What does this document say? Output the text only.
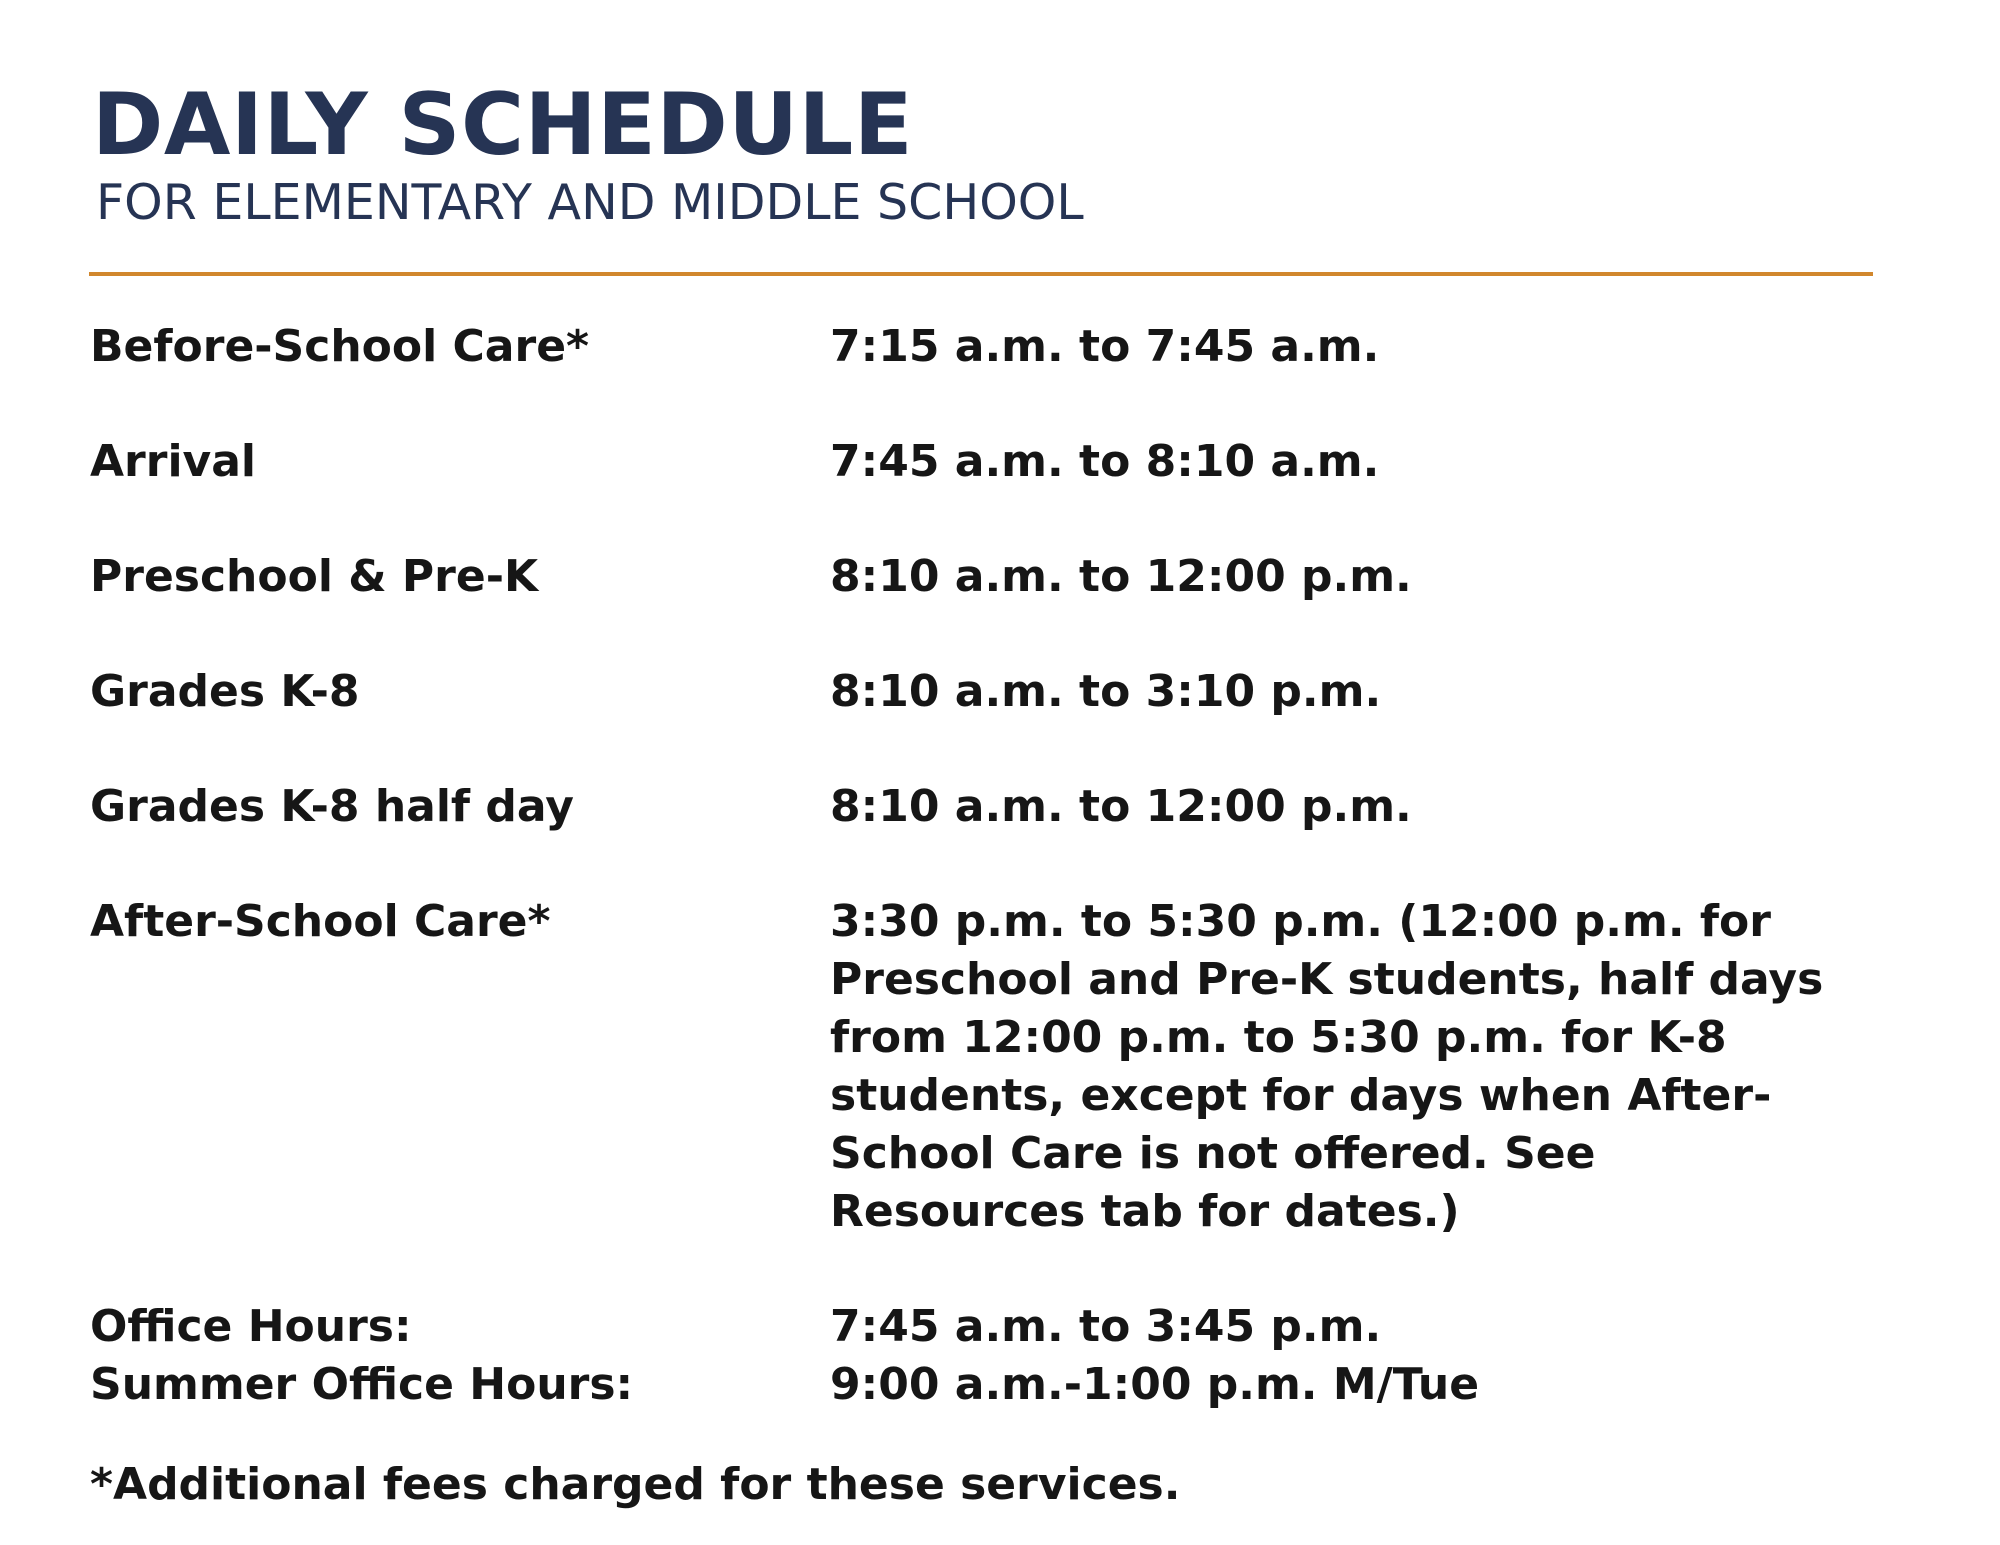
DAILY SCHEDULE
FOR ELEMENTARY AND MIDDLE SCHOOL
Before-School Care*	7:15 a.m. to 7:45 a.m.
Arrival	7:45 a.m. to 8:10 a.m.
Preschool & Pre-K	8:10 a.m. to 12:00 p.m.
Grades K-8	8:10 a.m. to 3:10 p.m.
Grades K-8 half day	8:10 a.m. to 12:00 p.m.
After-School Care*	3:30 p.m. to 5:30 p.m. (12:00 p.m. for Preschool and Pre-K students, half days from 12:00 p.m. to 5:30 p.m. for K-8 students, except for days when After-School Care is not offered. See Resources tab for dates.)
Office Hours:	7:45 a.m. to 3:45 p.m.
Summer Office Hours:	9:00 a.m.-1:00 p.m. M/Tue
*Additional fees charged for these services.
